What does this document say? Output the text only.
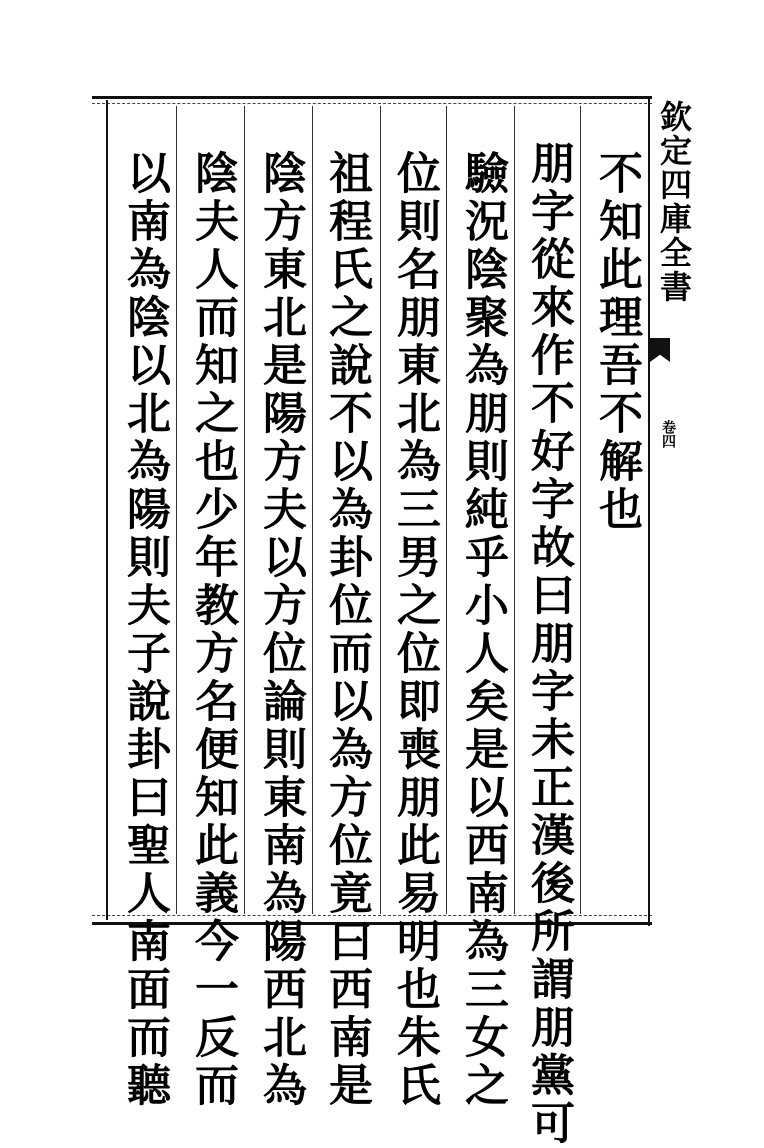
朋字從來作不好字故曰朋字未正漢後所謂朋黨可 不知此理吾不解也
驗況陰聚為朋則純乎小人矣是以西南為三女之
位則名朋東北為三男之位即喪朋此易明也朱氏
祖程氏之說不以為卦位而以為方位竟曰西南是
陰方東北是陽方夫以方位論則東南為陽西北為
陰夫人而知之也少年教方名便知此義今一反而
以南為陰以北為陽則夫子說卦曰聖人南面而聽	欽定四庫全書
卷四
